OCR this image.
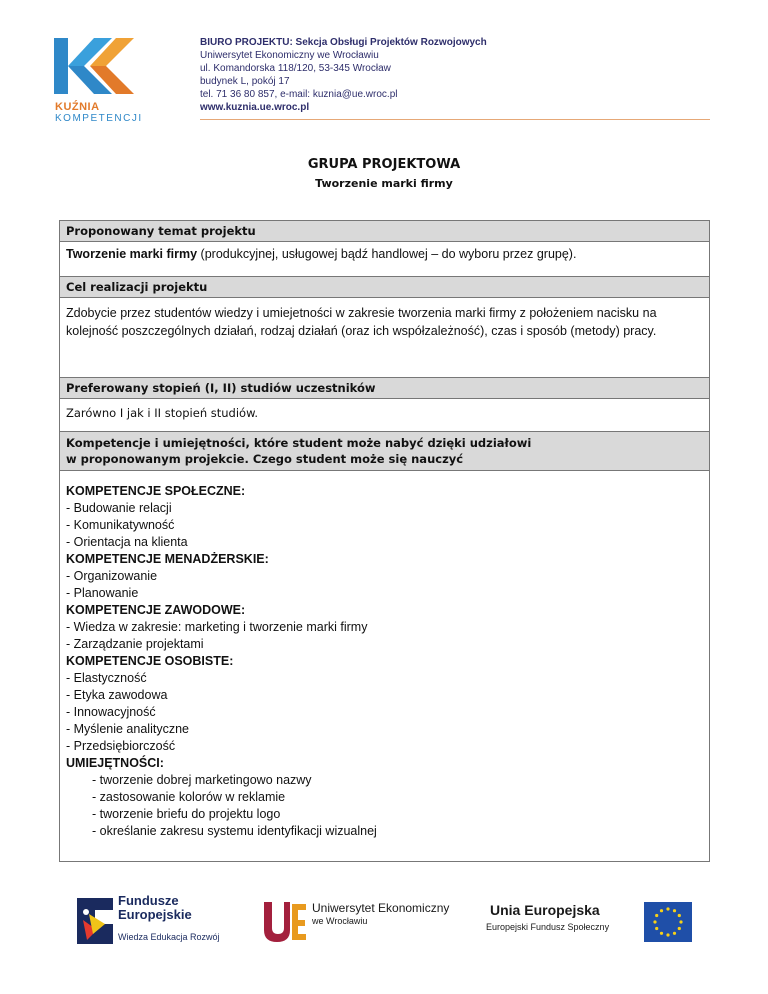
KUŹNIA
KOMPETENCJI
BIURO PROJEKTU: Sekcja Obsługi Projektów Rozwojowych
Uniwersytet Ekonomiczny we Wrocławiu
ul. Komandorska 118/120, 53-345 Wrocław
budynek L, pokój 17
tel. 71 36 80 857, e-mail: kuznia@ue.wroc.pl
www.kuznia.ue.wroc.pl
GRUPA PROJEKTOWA
Tworzenie marki firmy
Proponowany temat projektu
Tworzenie marki firmy (produkcyjnej, usługowej bądź handlowej – do wyboru przez grupę).
Cel realizacji projektu
Zdobycie przez studentów wiedzy i umiejetności w zakresie tworzenia marki firmy z położeniem nacisku na kolejność poszczególnych działań, rodzaj działań (oraz ich współzależność), czas i sposób (metody) pracy.
Preferowany stopień (I, II) studiów uczestników
Zarówno I jak i II stopień studiów.
Kompetencje i umiejętności, które student może nabyć dzięki udziałowi
w proponowanym projekcie. Czego student może się nauczyć
KOMPETENCJE SPOŁECZNE:
- Budowanie relacji
- Komunikatywność
- Orientacja na klienta
KOMPETENCJE MENADŻERSKIE:
- Organizowanie
- Planowanie
KOMPETENCJE ZAWODOWE:
- Wiedza w zakresie: marketing i tworzenie marki firmy
- Zarządzanie projektami
KOMPETENCJE OSOBISTE:
- Elastyczność
- Etyka zawodowa
- Innowacyjność
- Myślenie analityczne
- Przedsiębiorczość
UMIEJĘTNOŚCI:
- tworzenie dobrej marketingowo nazwy
- zastosowanie kolorów w reklamie
- tworzenie briefu do projektu logo
- określanie zakresu systemu identyfikacji wizualnej
Fundusze
Europejskie
Wiedza Edukacja Rozwój
Uniwersytet Ekonomiczny
we Wrocławiu
Unia Europejska
Europejski Fundusz Społeczny
